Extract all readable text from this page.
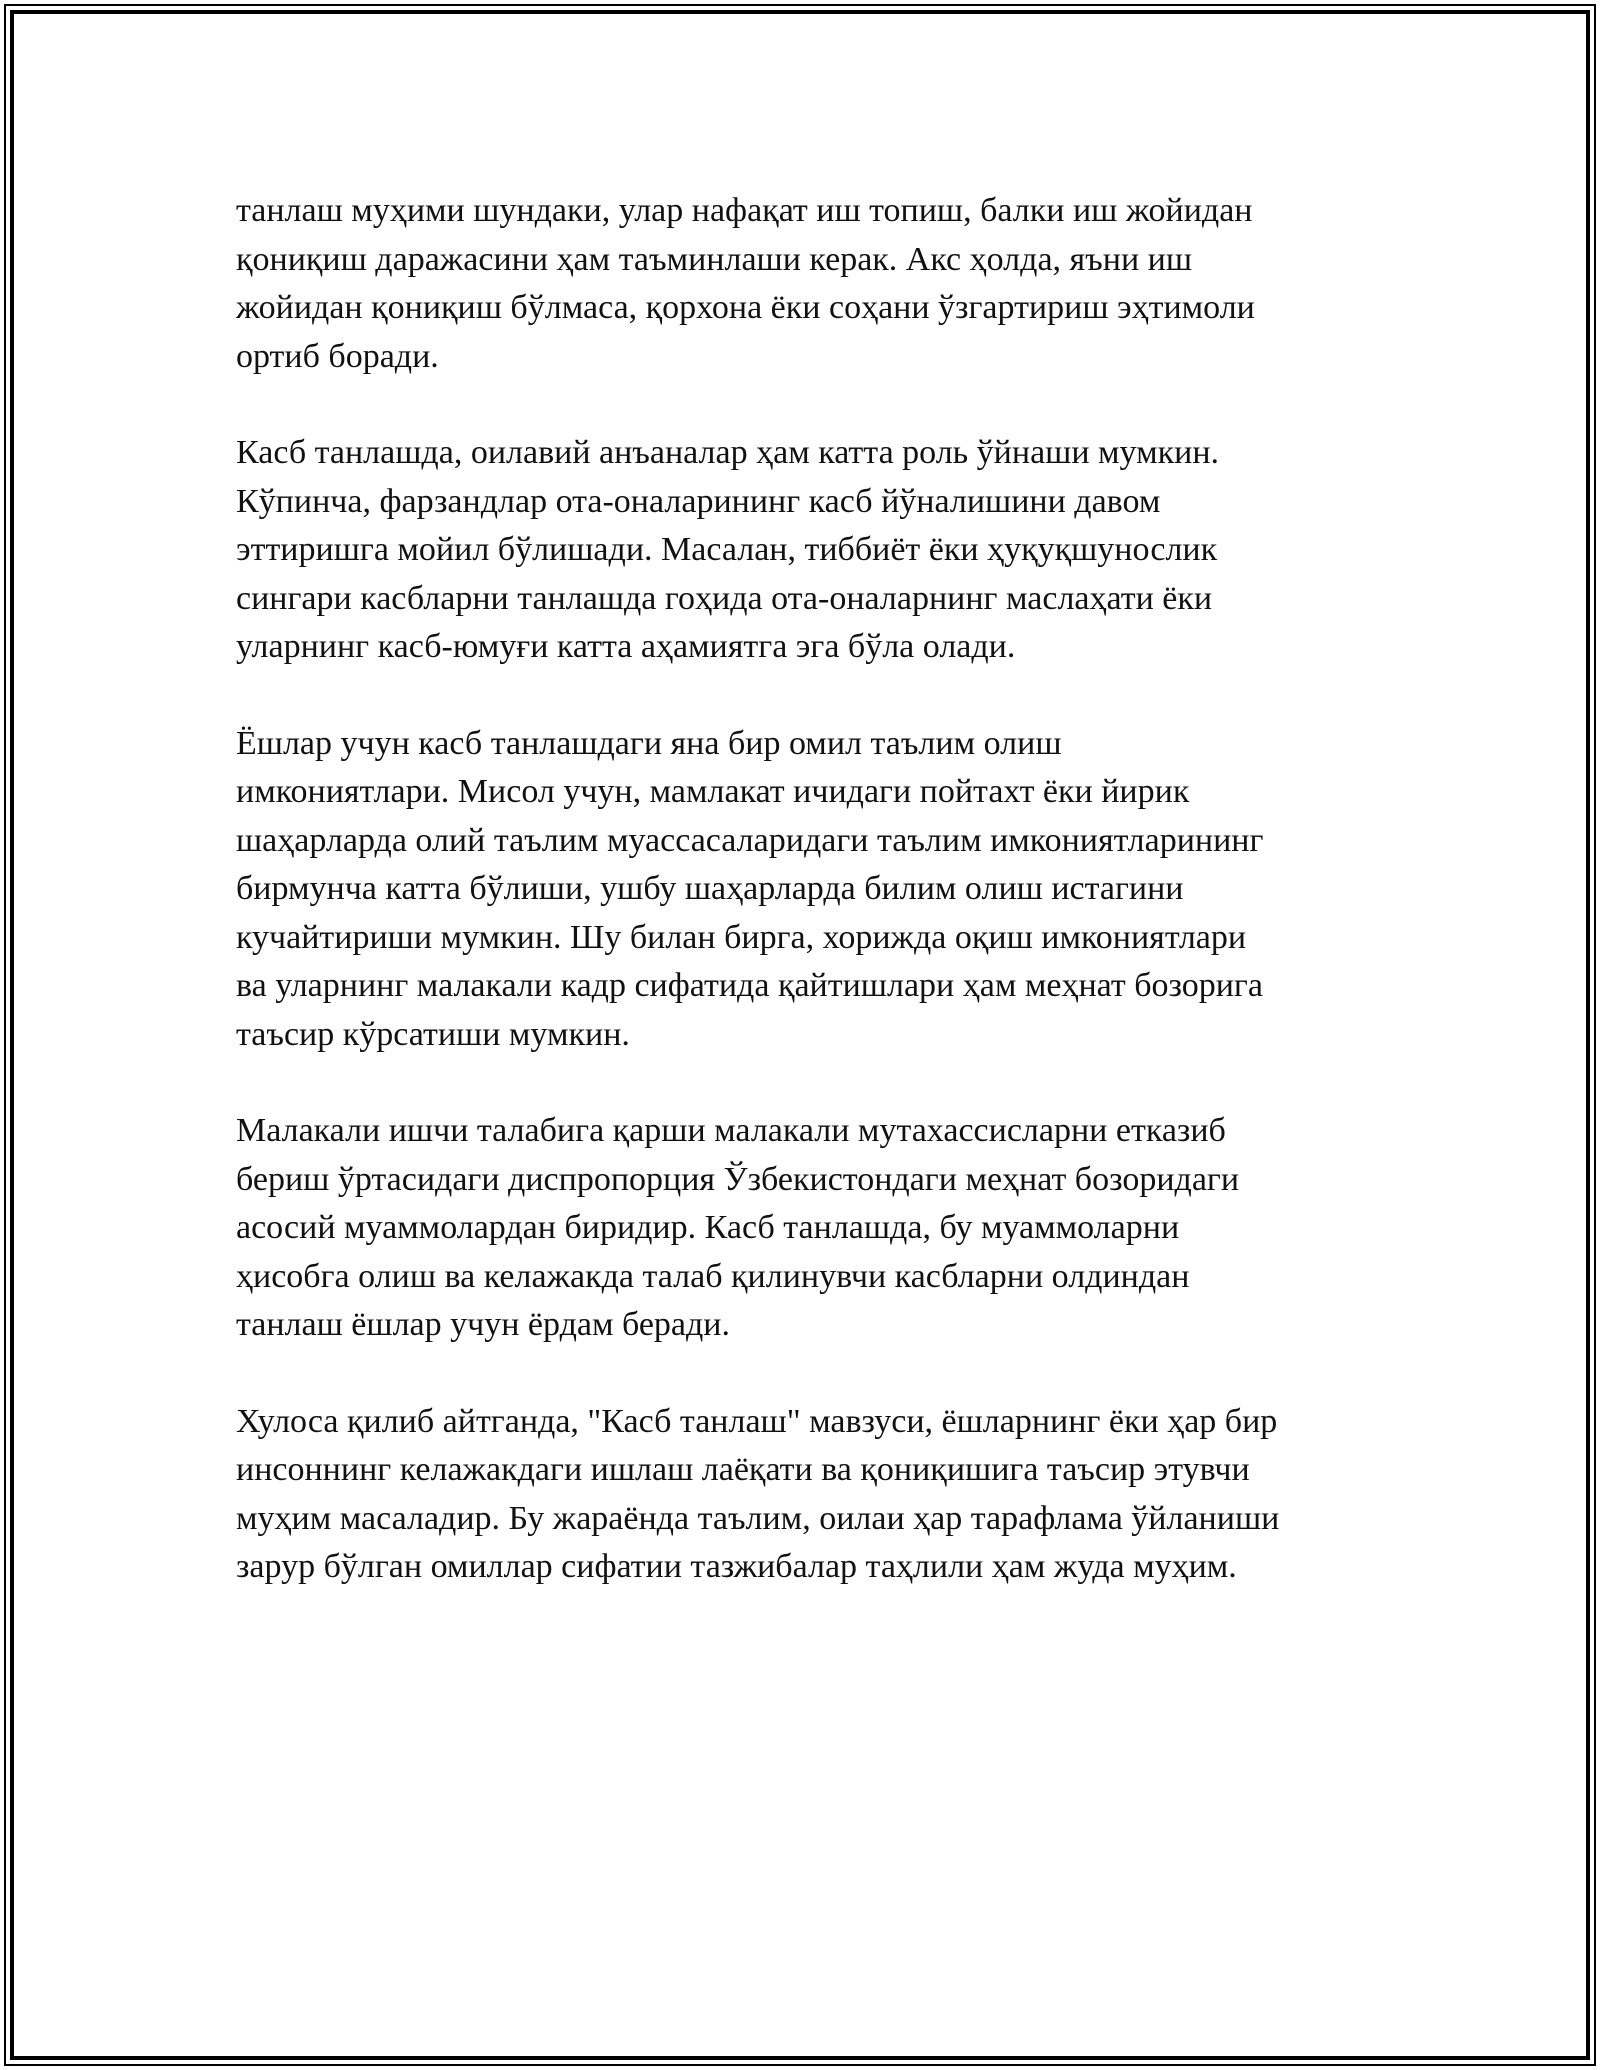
танлаш муҳими шундаки, улар нафақат иш топиш, балки иш жойидан
қониқиш даражасини ҳам таъминлаши керак. Акс ҳолда, яъни иш
жойидан қониқиш бўлмаса, қорхона ёки соҳани ўзгартириш эҳтимоли
ортиб боради.

Касб танлашда, оилавий анъаналар ҳам катта роль ўйнаши мумкин.
Кўпинча, фарзандлар ота-оналарининг касб йўналишини давом
эттиришга мойил бўлишади. Масалан, тиббиёт ёки ҳуқуқшунослик
сингари касбларни танлашда гоҳида ота-оналарнинг маслаҳати ёки
уларнинг касб-юмуғи катта аҳамиятга эга бўла олади.

Ёшлар учун касб танлашдаги яна бир омил таълим олиш
имкониятлари. Мисол учун, мамлакат ичидаги пойтахт ёки йирик
шаҳарларда олий таълим муассасаларидаги таълим имкониятларининг
бирмунча катта бўлиши, ушбу шаҳарларда билим олиш истагини
кучайтириши мумкин. Шу билан бирга, хорижда оқиш имкониятлари
ва уларнинг малакали кадр сифатида қайтишлари ҳам меҳнат бозорига
таъсир кўрсатиши мумкин.

Малакали ишчи талабига қарши малакали мутахассисларни етказиб
бериш ўртасидаги диспропорция Ўзбекистондаги меҳнат бозоридаги
асосий муаммолардан биридир. Касб танлашда, бу муаммоларни
ҳисобга олиш ва келажакда талаб қилинувчи касбларни олдиндан
танлаш ёшлар учун ёрдам беради.

Хулоса қилиб айтганда, "Касб танлаш" мавзуси, ёшларнинг ёки ҳар бир
инсоннинг келажакдаги ишлаш лаёқати ва қониқишига таъсир этувчи
муҳим масаладир. Бу жараёнда таълим, оилаи ҳар тарафлама ўйланиши
зарур бўлган омиллар сифатии тазжибалар таҳлили ҳам жуда муҳим.
